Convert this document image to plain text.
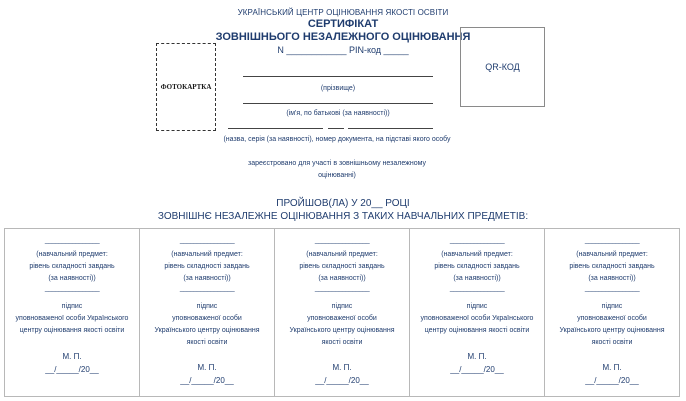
УКРАЇНСЬКИЙ ЦЕНТР ОЦІНЮВАННЯ ЯКОСТІ ОСВІТИ
СЕРТИФІКАТ
ЗОВНІШНЬОГО НЕЗАЛЕЖНОГО ОЦІНЮВАННЯ
N ____________ PIN-код _____
ФОТОКАРТКА
QR-КОД
(прізвище)
(ім'я, по батькові (за наявності))
(назва, серія (за наявності), номер документа, на підставі якого особу
зареєстровано для участі в зовнішньому незалежному
оцінюванні)
ПРОЙШОВ(ЛА) У 20__ РОЦІ
ЗОВНІШНЄ НЕЗАЛЕЖНЕ ОЦІНЮВАННЯ З ТАКИХ НАВЧАЛЬНИХ ПРЕДМЕТІВ:
________________
(навчальний предмет:
рівень складності завдань
(за наявності))
________________
підпис
уповноваженої особи Українського
центру оцінювання якості освіти
М. П.
__/_____/20__
________________
(навчальний предмет:
рівень складності завдань
(за наявності))
________________
підпис
уповноваженої особи
Українського центру оцінювання
якості освіти
М. П.
__/_____/20__
________________
(навчальний предмет:
рівень складності завдань
(за наявності))
________________
підпис
уповноваженої особи
Українського центру оцінювання
якості освіти
М. П.
__/_____/20__
________________
(навчальний предмет:
рівень складності завдань
(за наявності))
________________
підпис
уповноваженої особи Українського
центру оцінювання якості освіти
М. П.
__/_____/20__
________________
(навчальний предмет:
рівень складності завдань
(за наявності))
________________
підпис
уповноваженої особи
Українського центру оцінювання
якості освіти
М. П.
__/_____/20__
